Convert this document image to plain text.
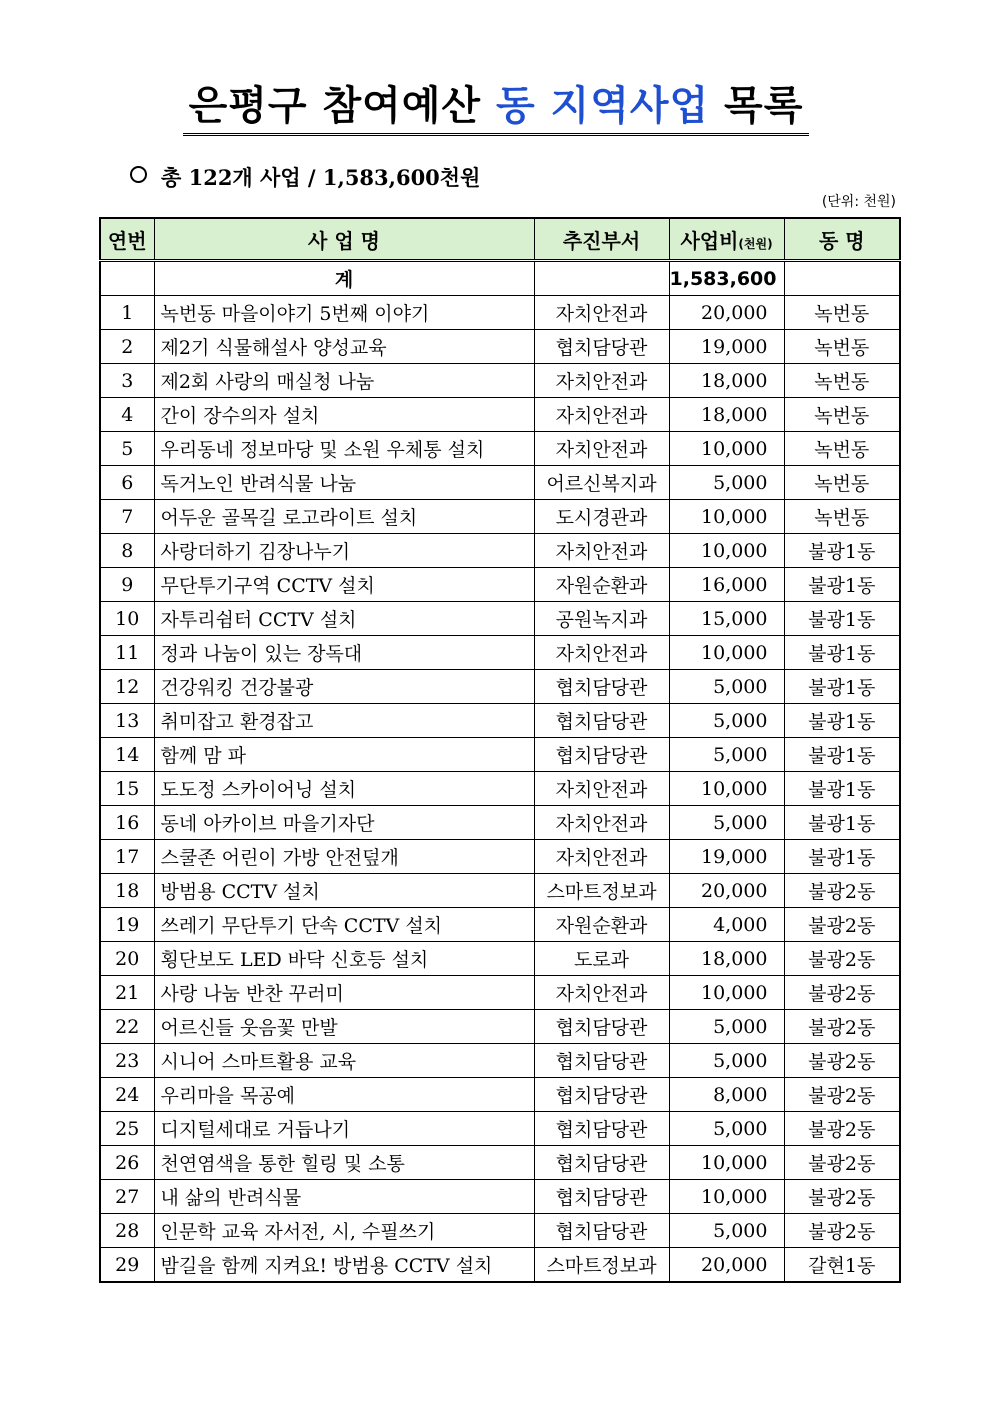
은평구 참여예산 동 지역사업 목록
총 122개 사업 / 1,583,600천원
(단위: 천원)
연번	사 업 명	추진부서	사업비(천원)	동 명
	계		1,583,600	
1	녹번동 마을이야기 5번째 이야기	자치안전과	20,000	녹번동
2	제2기 식물해설사 양성교육	협치담당관	19,000	녹번동
3	제2회 사랑의 매실청 나눔	자치안전과	18,000	녹번동
4	간이 장수의자 설치	자치안전과	18,000	녹번동
5	우리동네 정보마당 및 소원 우체통 설치	자치안전과	10,000	녹번동
6	독거노인 반려식물 나눔	어르신복지과	5,000	녹번동
7	어두운 골목길 로고라이트 설치	도시경관과	10,000	녹번동
8	사랑더하기 김장나누기	자치안전과	10,000	불광1동
9	무단투기구역 CCTV 설치	자원순환과	16,000	불광1동
10	자투리쉼터 CCTV 설치	공원녹지과	15,000	불광1동
11	정과 나눔이 있는 장독대	자치안전과	10,000	불광1동
12	건강워킹 건강불광	협치담당관	5,000	불광1동
13	취미잡고 환경잡고	협치담당관	5,000	불광1동
14	함께 맘 파	협치담당관	5,000	불광1동
15	도도정 스카이어닝 설치	자치안전과	10,000	불광1동
16	동네 아카이브 마을기자단	자치안전과	5,000	불광1동
17	스쿨존 어린이 가방 안전덮개	자치안전과	19,000	불광1동
18	방범용 CCTV 설치	스마트정보과	20,000	불광2동
19	쓰레기 무단투기 단속 CCTV 설치	자원순환과	4,000	불광2동
20	횡단보도 LED 바닥 신호등 설치	도로과	18,000	불광2동
21	사랑 나눔 반찬 꾸러미	자치안전과	10,000	불광2동
22	어르신들 웃음꽃 만발	협치담당관	5,000	불광2동
23	시니어 스마트활용 교육	협치담당관	5,000	불광2동
24	우리마을 목공예	협치담당관	8,000	불광2동
25	디지털세대로 거듭나기	협치담당관	5,000	불광2동
26	천연염색을 통한 힐링 및 소통	협치담당관	10,000	불광2동
27	내 삶의 반려식물	협치담당관	10,000	불광2동
28	인문학 교육 자서전, 시, 수필쓰기	협치담당관	5,000	불광2동
29	밤길을 함께 지켜요! 방범용 CCTV 설치	스마트정보과	20,000	갈현1동
